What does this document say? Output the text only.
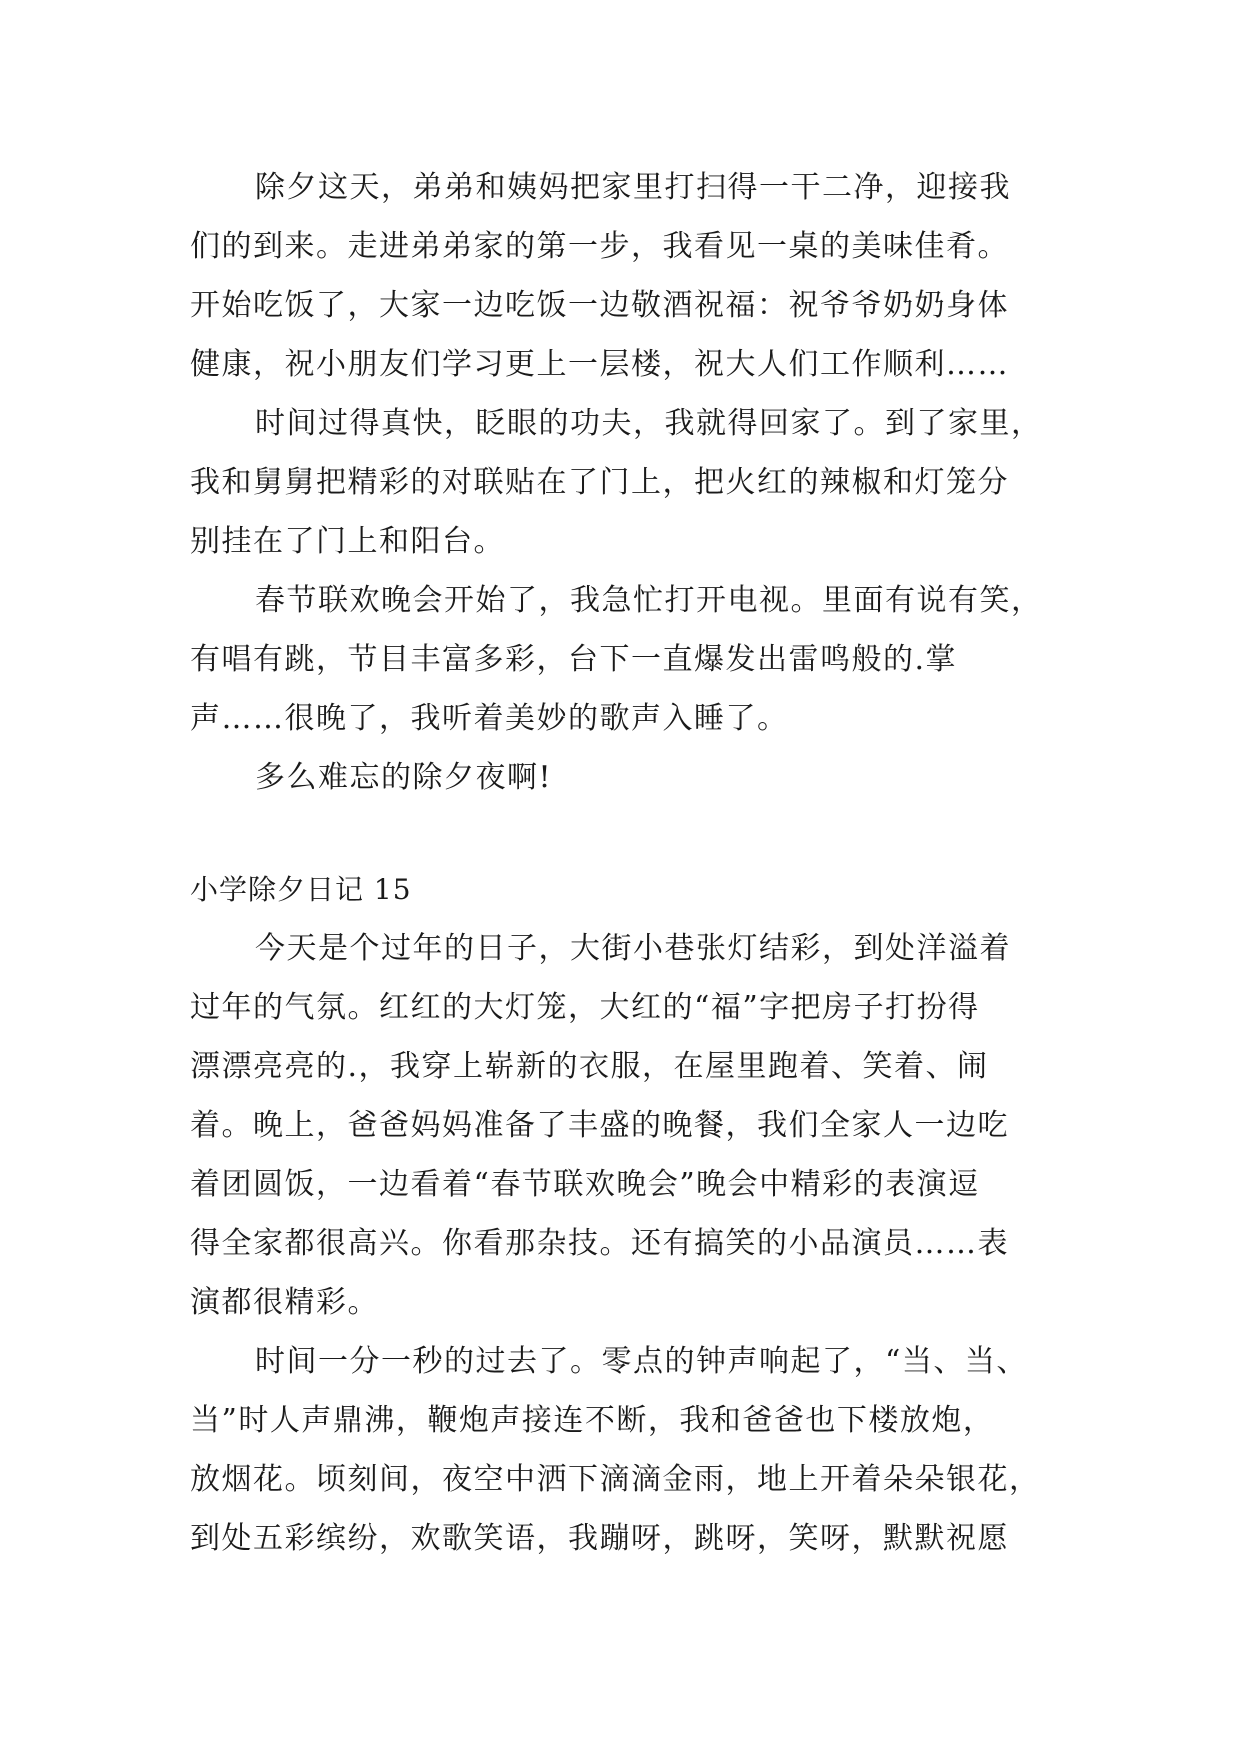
除夕这天，弟弟和姨妈把家里打扫得一干二净，迎接我
们的到来。走进弟弟家的第一步，我看见一桌的美味佳肴。
开始吃饭了，大家一边吃饭一边敬酒祝福：祝爷爷奶奶身体
健康，祝小朋友们学习更上一层楼，祝大人们工作顺利……
时间过得真快，眨眼的功夫，我就得回家了。到了家里，
我和舅舅把精彩的对联贴在了门上，把火红的辣椒和灯笼分
别挂在了门上和阳台。
春节联欢晚会开始了，我急忙打开电视。里面有说有笑，
有唱有跳，节目丰富多彩，台下一直爆发出雷鸣般的.掌
声……很晚了，我听着美妙的歌声入睡了。
多么难忘的除夕夜啊!
小学除夕日记 15
今天是个过年的日子，大街小巷张灯结彩，到处洋溢着
过年的气氛。红红的大灯笼，大红的“福”字把房子打扮得
漂漂亮亮的.，我穿上崭新的衣服，在屋里跑着、笑着、闹
着。晚上，爸爸妈妈准备了丰盛的晚餐，我们全家人一边吃
着团圆饭，一边看着“春节联欢晚会”晚会中精彩的表演逗
得全家都很高兴。你看那杂技。还有搞笑的小品演员……表
演都很精彩。
时间一分一秒的过去了。零点的钟声响起了，“当、当、
当”时人声鼎沸，鞭炮声接连不断，我和爸爸也下楼放炮，
放烟花。顷刻间，夜空中洒下滴滴金雨，地上开着朵朵银花，
到处五彩缤纷，欢歌笑语，我蹦呀，跳呀，笑呀，默默祝愿
